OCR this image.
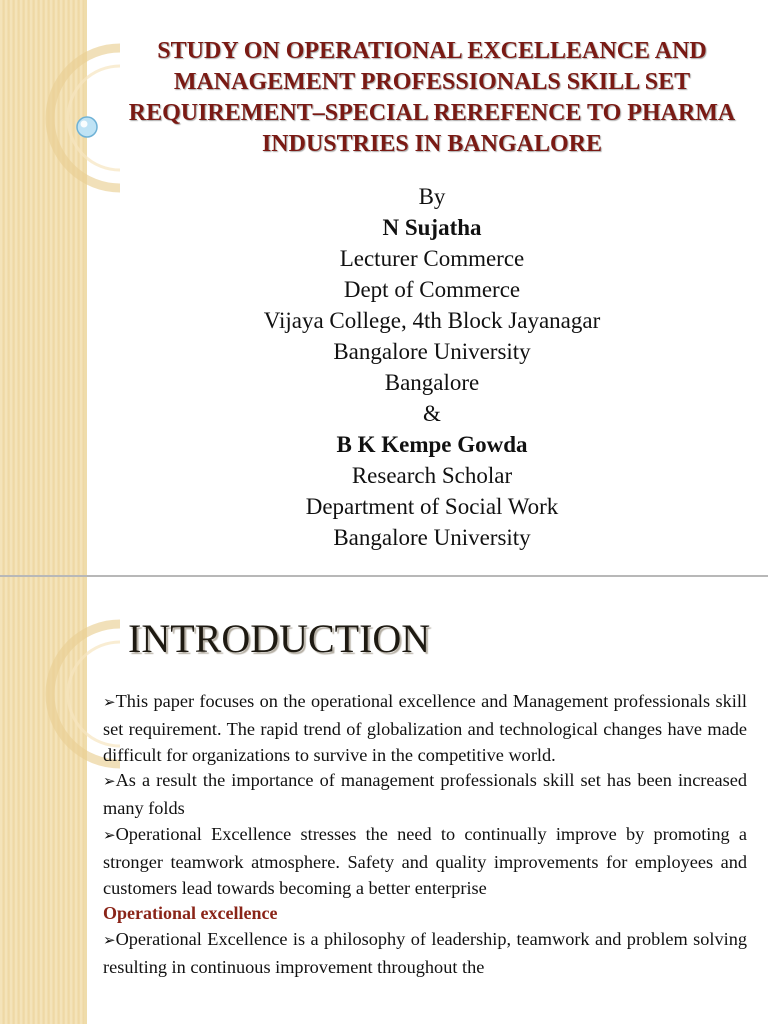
STUDY ON OPERATIONAL EXCELLEANCE AND MANAGEMENT PROFESSIONALS SKILL SET REQUIREMENT–SPECIAL REREFENCE TO PHARMA INDUSTRIES IN BANGALORE
By
N Sujatha
Lecturer Commerce
Dept of Commerce
Vijaya College, 4th Block Jayanagar
Bangalore University
Bangalore
&
B K Kempe Gowda
Research Scholar
Department of Social Work
Bangalore University
INTRODUCTION

➢This paper focuses on the operational excellence and Management professionals skill set requirement. The rapid trend of globalization and technological changes have made difficult for organizations to survive in the competitive world.

➢As a result the importance of management professionals skill set has been increased many folds

➢Operational Excellence stresses the need to continually improve by promoting a stronger teamwork atmosphere. Safety and quality improvements for employees and customers lead towards becoming a better enterprise

Operational excellence

➢Operational Excellence is a philosophy of leadership, teamwork and problem solving resulting in continuous improvement throughout the
